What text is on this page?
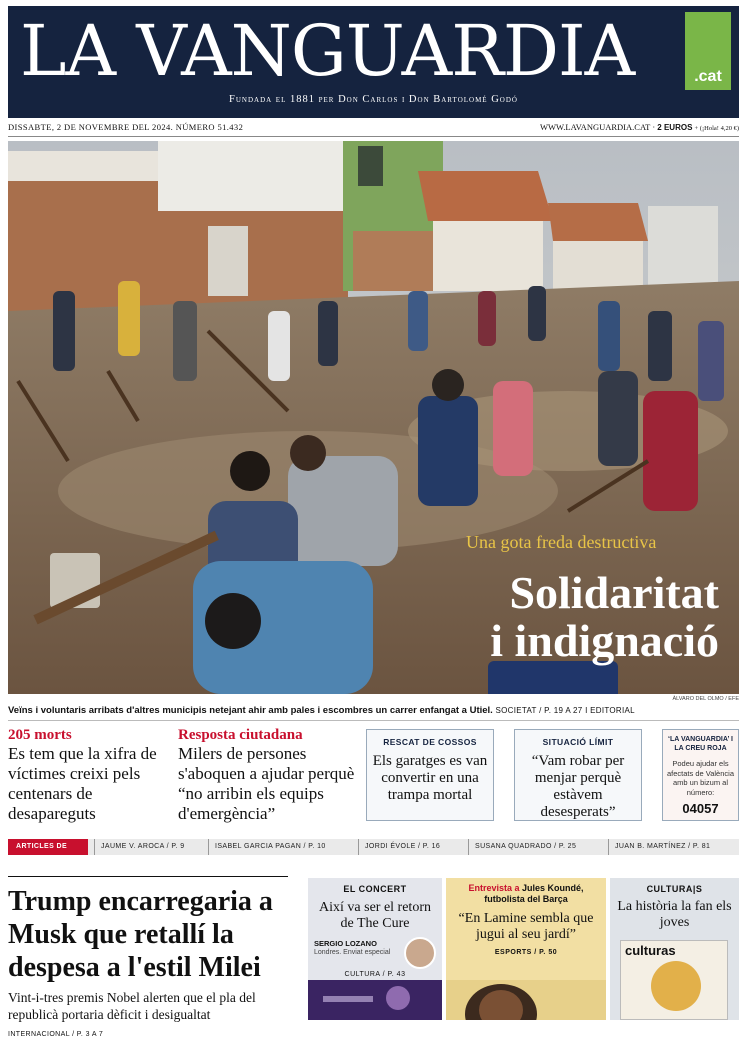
LA VANGUARDIA	.cat
Fundada el 1881 per Don Carlos i Don Bartolomé Godó
DISSABTE, 2 DE NOVEMBRE DEL 2024. NÚMERO 51.432	WWW.LAVANGUARDIA.CAT · 2 EUROS + (¡Hola! 4,20 €)
Una gota freda destructiva
Solidaritat
i indignació
ÀLVARO DEL OLMO / EFE
Veïns i voluntaris arribats d'altres municipis netejant ahir amb pales i escombres un carrer enfangat a Utiel. SOCIETAT / P. 19 A 27 I EDITORIAL
205 morts
Es tem que la xifra de víctimes creixi pels centenars de desapareguts
Resposta ciutadana
Milers de persones s'aboquen a ajudar perquè “no arribin els equips d'emergència”
RESCAT DE COSSOS
Els garatges es van convertir en una trampa mortal
SITUACIÓ LÍMIT
“Vam robar per menjar perquè estàvem desesperats”
‘LA VANGUARDIA’ I LA CREU ROJA
Podeu ajudar els afectats de València amb un bizum al número:
04057
ARTICLES DE	JAUME V. AROCA / P. 9	ISABEL GARCIA PAGAN / P. 10	JORDI ÉVOLE / P. 16	SUSANA QUADRADO / P. 25	JUAN B. MARTÍNEZ / P. 81
Trump encarregaria a Musk que retallí la despesa a l'estil Milei
Vint-i-tres premis Nobel alerten que el pla del republicà portaria dèficit i desigualtat
INTERNACIONAL / P. 3 A 7
EL CONCERT
Així va ser el retorn de The Cure
SERGIO LOZANO
Londres. Enviat especial
CULTURA / P. 43
Entrevista a Jules Koundé,
futbolista del Barça
“En Lamine sembla que jugui al seu jardí”
ESPORTS / P. 50
CULTURA|S
La història la fan els joves
culturas
